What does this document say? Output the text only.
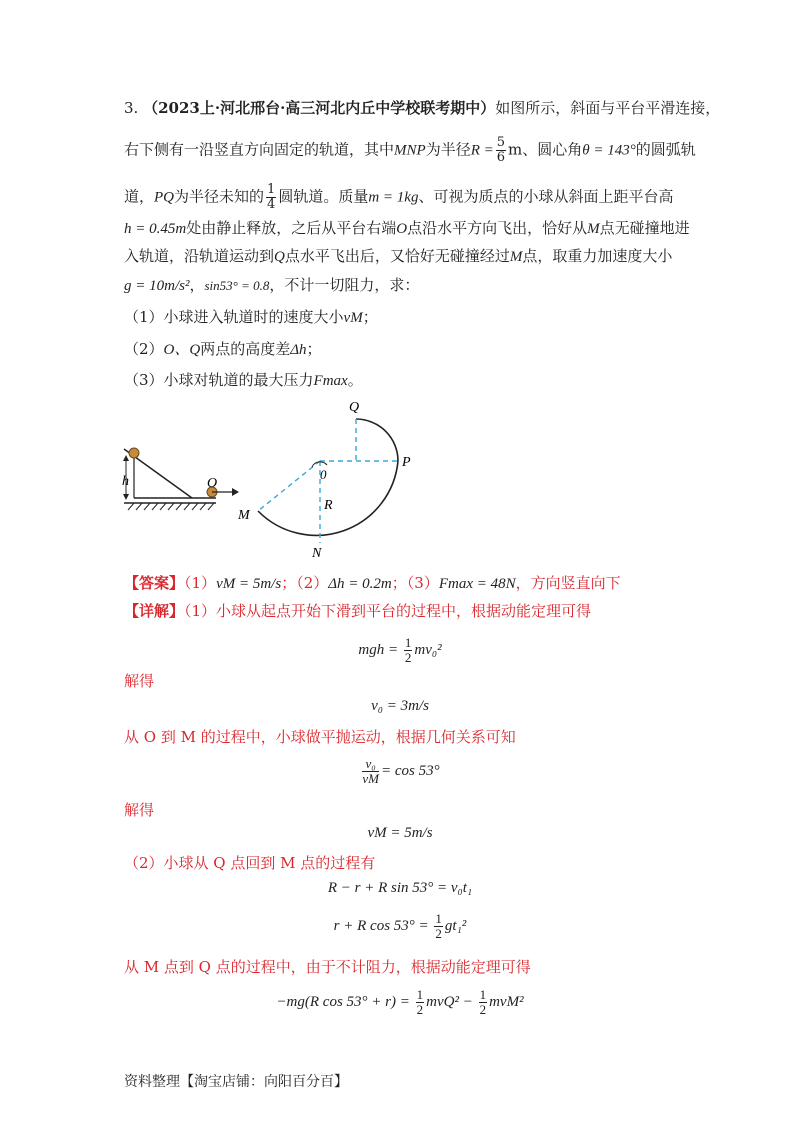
3. （2023上·河北邢台·高三河北内丘中学校联考期中）如图所示，斜面与平台平滑连接，
右下侧有一沿竖直方向固定的轨道，其中MNP为半径$R = \frac{5}{6}$ m、圆心角θ = 143°的圆弧轨
道，PQ为半径未知的 $\frac{1}{4}$ 圆轨道。质量m = 1kg、可视为质点的小球从斜面上距平台高
h = 0.45m处由静止释放，之后从平台右端O点沿水平方向飞出，恰好从M点无碰撞地进
入轨道，沿轨道运动到Q点水平飞出后，又恰好无碰撞经过M点，取重力加速度大小
g = 10m/s²，sin53° = 0.8，不计一切阻力，求：
（1）小球进入轨道时的速度大小vM；
（2）O、Q两点的高度差Δh；
（3）小球对轨道的最大压力Fmax。
h	O
Q
P
0
R
M
N
【答案】（1）vM = 5m/s；（2）Δh = 0.2m；（3）Fmax = 48N，方向竖直向下
【详解】（1）小球从起点开始下滑到平台的过程中，根据动能定理可得
mgh = $\frac{1}{2} mv_0^2$
解得
v₀ = 3m/s
从 O 到 M 的过程中，小球做平抛运动，根据几何关系可知
$\frac{\text{v₀}}{vM} = \cos 53^\circ$
解得
vM = 5m/s
（2）小球从 Q 点回到 M 点的过程有
R − r + R sin 53° = v₀t₁
r + R $\cos 53^\circ = \frac{1}{2} gt_1^2$
从 M 点到 Q 点的过程中，由于不计阻力，根据动能定理可得
−mg(R $\cos 53^\circ + r) = \frac{1}{2} mvQ^2 - \frac{1}{2} mvM^2$
资料整理【淘宝店铺：向阳百分百】
